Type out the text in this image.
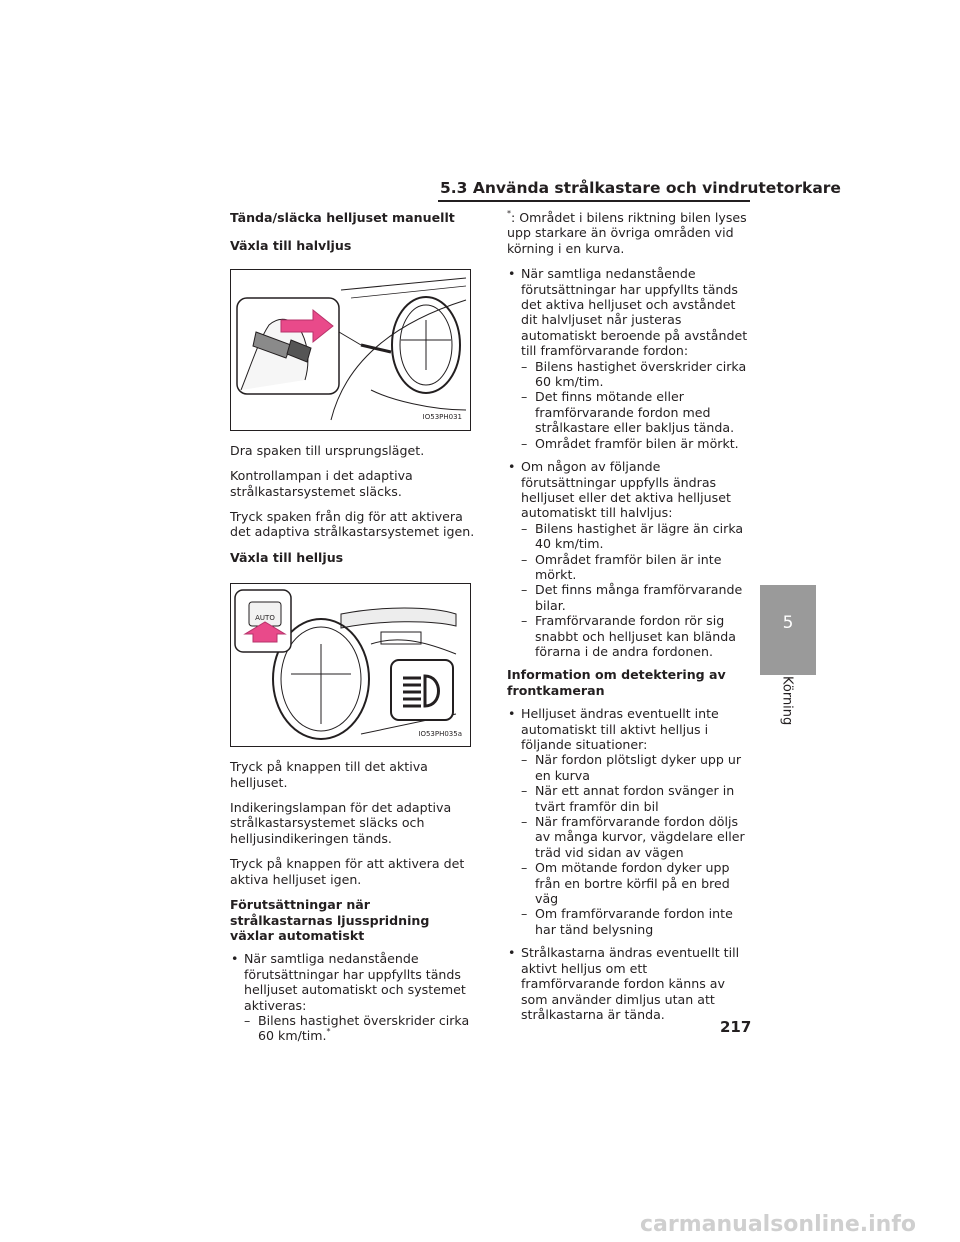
5.3 Använda strålkastare och vindrutetorkare
Tända/släcka helljuset manuellt
Växla till halvljus
IO53PH031
Dra spaken till ursprungsläget.
Kontrollampan i det adaptiva strålkastarsystemet släcks.
Tryck spaken från dig för att aktivera det adaptiva strålkastarsystemet igen.
Växla till helljus
AUTO
IO53PH035a
Tryck på knappen till det aktiva helljuset.
Indikeringslampan för det adaptiva strålkastarsystemet släcks och helljusindikeringen tänds.
Tryck på knappen för att aktivera det aktiva helljuset igen.
Förutsättningar när strålkastarnas ljusspridning växlar automatiskt
• När samtliga nedanstående förutsättningar har uppfyllts tänds helljuset automatiskt och systemet aktiveras:
– Bilens hastighet överskrider cirka 60 km/tim.*
*: Området i bilens riktning bilen lyses upp starkare än övriga områden vid körning i en kurva.
• När samtliga nedanstående förutsättningar har uppfyllts tänds det aktiva helljuset och avståndet dit halvljuset når justeras automatiskt beroende på avståndet till framförvarande fordon:
– Bilens hastighet överskrider cirka 60 km/tim.
– Det finns mötande eller framförvarande fordon med strålkastare eller bakljus tända.
– Området framför bilen är mörkt.
• Om någon av följande förutsättningar uppfylls ändras helljuset eller det aktiva helljuset automatiskt till halvljus:
– Bilens hastighet är lägre än cirka 40 km/tim.
– Området framför bilen är inte mörkt.
– Det finns många framförvarande bilar.
– Framförvarande fordon rör sig snabbt och helljuset kan blända förarna i de andra fordonen.
Information om detektering av frontkameran
• Helljuset ändras eventuellt inte automatiskt till aktivt helljus i följande situationer:
– När fordon plötsligt dyker upp ur en kurva
– När ett annat fordon svänger in tvärt framför din bil
– När framförvarande fordon döljs av många kurvor, vägdelare eller träd vid sidan av vägen
– Om mötande fordon dyker upp från en bortre körfil på en bred väg
– Om framförvarande fordon inte har tänd belysning
• Strålkastarna ändras eventuellt till aktivt helljus om ett framförvarande fordon känns av som använder dimljus utan att strålkastarna är tända.
5
Körning
217
carmanualsonline.info
